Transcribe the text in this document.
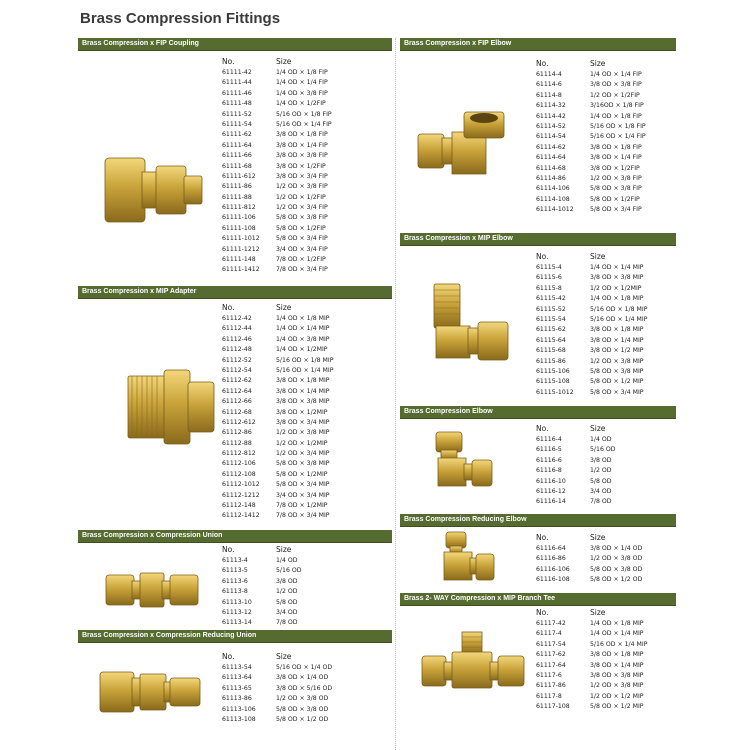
Brass Compression Fittings
Brass Compression x FIP Coupling
Brass Compression x MIP Adapter
Brass Compression x Compression Union
Brass Compression x Compression Reducing Union
Brass Compression x FIP Elbow
Brass Compression x MIP Elbow
Brass Compression Elbow
Brass Compression Reducing Elbow
Brass 2- WAY Compression x MIP Branch Tee
No.	Size
61111-42	1/4 OD × 1/8 FIP
61111-44	1/4 OD × 1/4 FIP
61111-46	1/4 OD × 3/8 FIP
61111-48	1/4 OD × 1/2FIP
61111-52	5/16 OD × 1/8 FIP
61111-54	5/16 OD × 1/4 FIP
61111-62	3/8 OD × 1/8 FIP
61111-64	3/8 OD × 1/4 FIP
61111-66	3/8 OD × 3/8 FIP
61111-68	3/8 OD × 1/2FIP
61111-612	3/8 OD × 3/4 FIP
61111-86	1/2 OD × 3/8 FIP
61111-88	1/2 OD × 1/2FIP
61111-812	1/2 OD × 3/4 FIP
61111-106	5/8 OD × 3/8 FIP
61111-108	5/8 OD × 1/2FIP
61111-1012	5/8 OD × 3/4 FIP
61111-1212	3/4 OD × 3/4 FIP
61111-148	7/8 OD × 1/2FIP
61111-1412	7/8 OD × 3/4 FIP
No.	Size
61112-42	1/4 OD × 1/8 MIP
61112-44	1/4 OD × 1/4 MIP
61112-46	1/4 OD × 3/8 MIP
61112-48	1/4 OD × 1/2MIP
61112-52	5/16 OD × 1/8 MIP
61112-54	5/16 OD × 1/4 MIP
61112-62	3/8 OD × 1/8 MIP
61112-64	3/8 OD × 1/4 MIP
61112-66	3/8 OD × 3/8 MIP
61112-68	3/8 OD × 1/2MIP
61112-612	3/8 OD × 3/4 MIP
61112-86	1/2 OD × 3/8 MIP
61112-88	1/2 OD × 1/2MIP
61112-812	1/2 OD × 3/4 MIP
61112-106	5/8 OD × 3/8 MIP
61112-108	5/8 OD × 1/2MIP
61112-1012	5/8 OD × 3/4 MIP
61112-1212	3/4 OD × 3/4 MIP
61112-148	7/8 OD × 1/2MIP
61112-1412	7/8 OD × 3/4 MIP
No.	Size
61113-4	1/4 OD
61113-5	5/16 OD
61113-6	3/8 OD
61113-8	1/2 OD
61113-10	5/8 OD
61113-12	3/4 OD
61113-14	7/8 OD
No.	Size
61113-54	5/16 OD × 1/4 OD
61113-64	3/8 OD × 1/4 OD
61113-65	3/8 OD × 5/16 OD
61113-86	1/2 OD × 3/8 OD
61113-106	5/8 OD × 3/8 OD
61113-108	5/8 OD × 1/2 OD
No.	Size
61114-4	1/4 OD × 1/4 FIP
61114-6	3/8 OD × 3/8 FIP
61114-8	1/2 OD × 1/2FIP
61114-32	3/16OD × 1/8 FIP
61114-42	1/4 OD × 1/8 FIP
61114-52	5/16 OD × 1/8 FIP
61114-54	5/16 OD × 1/4 FIP
61114-62	3/8 OD × 1/8 FIP
61114-64	3/8 OD × 1/4 FIP
61114-68	3/8 OD × 1/2FIP
61114-86	1/2 OD × 3/8 FIP
61114-106	5/8 OD × 3/8 FIP
61114-108	5/8 OD × 1/2FIP
61114-1012	5/8 OD × 3/4 FIP
No.	Size
61115-4	1/4 OD × 1/4 MIP
61115-6	3/8 OD × 3/8 MIP
61115-8	1/2 OD × 1/2MIP
61115-42	1/4 OD × 1/8 MIP
61115-52	5/16 OD × 1/8 MIP
61115-54	5/16 OD × 1/4 MIP
61115-62	3/8 OD × 1/8 MIP
61115-64	3/8 OD × 1/4 MIP
61115-68	3/8 OD × 1/2 MIP
61115-86	1/2 OD × 3/8 MIP
61115-106	5/8 OD × 3/8 MIP
61115-108	5/8 OD × 1/2 MIP
61115-1012	5/8 OD × 3/4 MIP
No.	Size
61116-4	1/4 OD
61116-5	5/16 OD
61116-6	3/8 OD
61116-8	1/2 OD
61116-10	5/8 OD
61116-12	3/4 OD
61116-14	7/8 OD
No.	Size
61116-64	3/8 OD × 1/4 OD
61116-86	1/2 OD × 3/8 OD
61116-106	5/8 OD × 3/8 OD
61116-108	5/8 OD × 1/2 OD
No.	Size
61117-42	1/4 OD × 1/8 MIP
61117-4	1/4 OD × 1/4 MIP
61117-54	5/16 OD × 1/4 MIP
61117-62	3/8 OD × 1/8 MIP
61117-64	3/8 OD × 1/4 MIP
61117-6	3/8 OD × 3/8 MIP
61117-86	1/2 OD × 3/8 MIP
61117-8	1/2 OD × 1/2 MIP
61117-108	5/8 OD × 1/2 MIP
